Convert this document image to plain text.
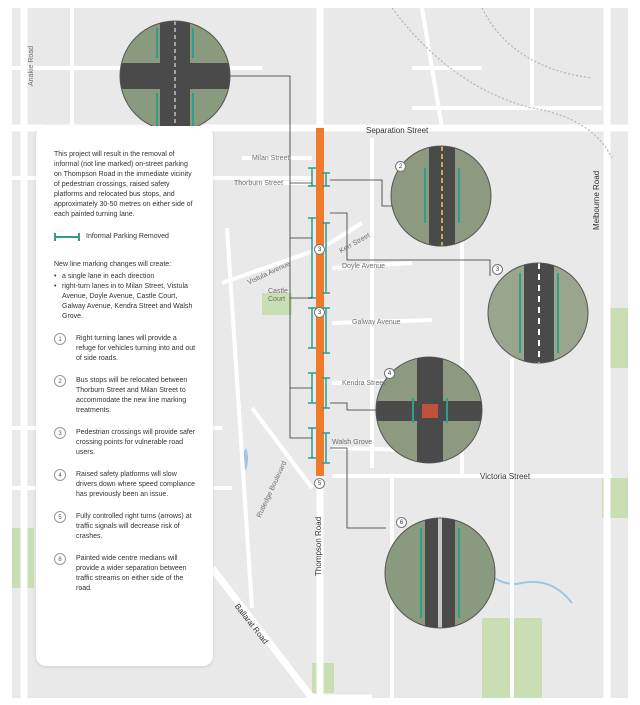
2
3
4
6
3
3
5
Anakie Road
Separation Street
Milan Street
Thorburn Street
Kerr Street
Vistula Avenue	Doyle Avenue
Castle Court
Galway Avenue
Kendra Street
Walsh Grove
Victoria Street
Rutledge Boulevard
Thompson Road
Ballarat Road
Melbourne Road

This project will result in the removal of informal (not line marked) on-street parking on Thompson Road in the immediate vicinity of pedestrian crossings, raised safety platforms and relocated bus stops, and approximately 30-50 metres on either side of each painted turning lane.

Informal Parking Removed

New line marking changes will create:

• a single lane in each direction
• right-turn lanes in to Milan Street, Vistula Avenue, Doyle Avenue, Castle Court, Galway Avenue, Kendra Street and Walsh Grove.
1	Right turning lanes will provide a refuge for vehicles turning into and out of side roads.
2	Bus stops will be relocated between Thorburn Street and Milan Street to accommodate the new line marking treatments.
3	Pedestrian crossings will provide safer crossing points for vulnerable road users.
4	Raised safety platforms will slow drivers down where speed compliance has previously been an issue.
5	Fully controlled right turns (arrows) at traffic signals will decrease risk of crashes.
6	Painted wide centre medians will provide a wider separation between traffic streams on either side of the road.
